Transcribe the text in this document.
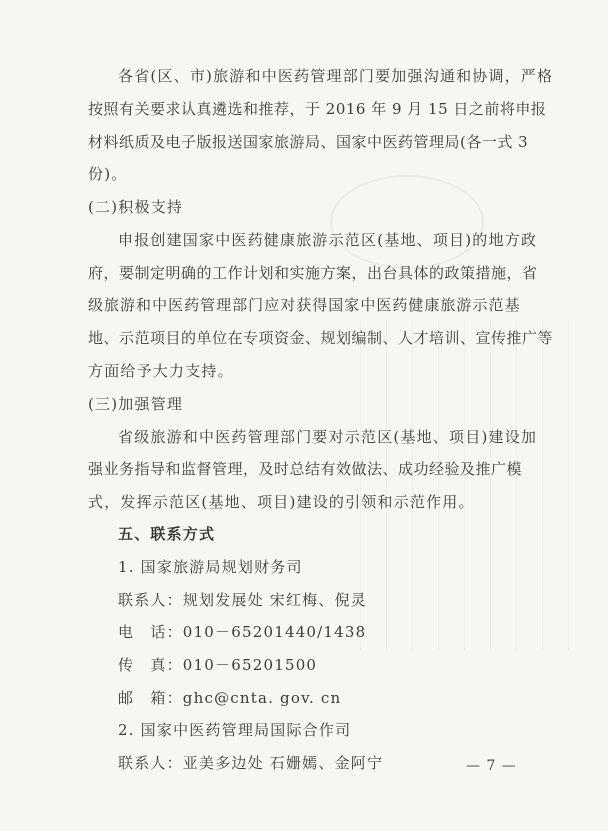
各省(区、市)旅游和中医药管理部门要加强沟通和协调，严格
按照有关要求认真遴选和推荐，于 2016 年 9 月 15 日之前将申报
材料纸质及电子版报送国家旅游局、国家中医药管理局(各一式 3
份)。
(二)积极支持
申报创建国家中医药健康旅游示范区(基地、项目)的地方政
府，要制定明确的工作计划和实施方案，出台具体的政策措施，省
级旅游和中医药管理部门应对获得国家中医药健康旅游示范基
地、示范项目的单位在专项资金、规划编制、人才培训、宣传推广等
方面给予大力支持。
(三)加强管理
省级旅游和中医药管理部门要对示范区(基地、项目)建设加
强业务指导和监督管理，及时总结有效做法、成功经验及推广模
式，发挥示范区(基地、项目)建设的引领和示范作用。
五、联系方式
1. 国家旅游局规划财务司
联系人：规划发展处 宋红梅、倪灵
电　话：010－65201440/1438
传　真：010－65201500
邮　箱：ghc@cnta. gov. cn
2. 国家中医药管理局国际合作司
联系人：亚美多边处 石姗嫣、金阿宁	— 7 —
